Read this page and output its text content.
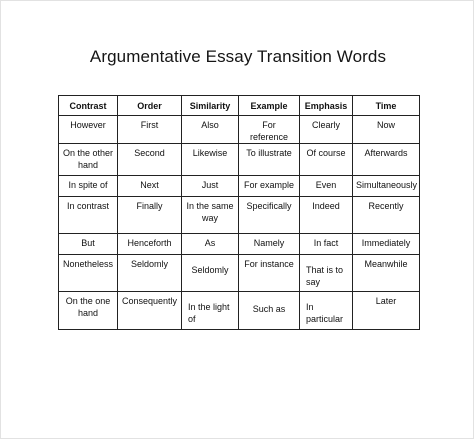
Argumentative Essay Transition Words
Contrast	Order	Similarity	Example	Emphasis	Time

However	First	Also	For reference	Clearly	Now

On the other hand	Second	Likewise	To illustrate	Of course	Afterwards

In spite of	Next	Just	For example	Even	Simultaneously

In contrast	Finally	In the same way	Specifically	Indeed	Recently

But	Henceforth	As	Namely	In fact	Immediately

Nonetheless	Seldomly	Seldomly	For instance	That is to say	Meanwhile

On the one hand	Consequently	In the light of	Such as	In particular	Later
